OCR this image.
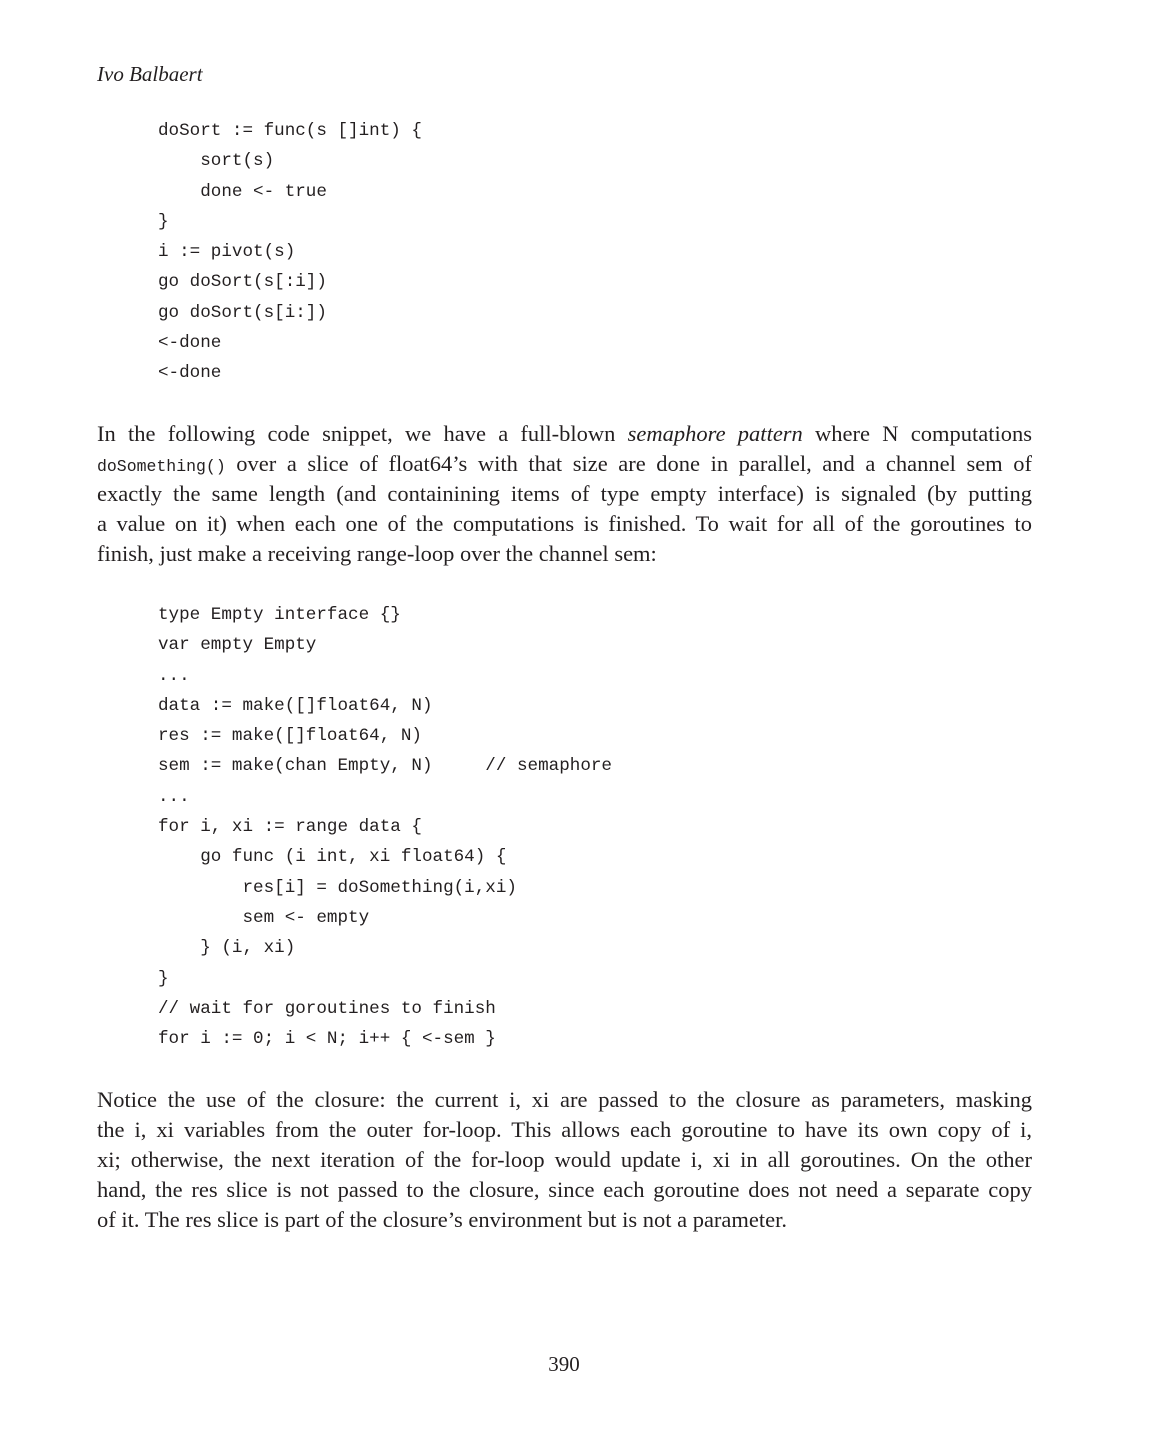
Ivo Balbaert
doSort := func(s []int) {
sort(s)
done <- true
}
i := pivot(s)
go doSort(s[:i])
go doSort(s[i:])
<-done
<-done
In the following code snippet, we have a full-blown semaphore pattern where N computations
doSomething() over a slice of float64’s with that size are done in parallel, and a channel sem of
exactly the same length (and containining items of type empty interface) is signaled (by putting
a value on it) when each one of the computations is finished. To wait for all of the goroutines to
finish, just make a receiving range-loop over the channel sem:
type Empty interface {}
var empty Empty
...
data := make([]float64, N)
res := make([]float64, N)
sem := make(chan Empty, N)     // semaphore
...
for i, xi := range data {
go func (i int, xi float64) {
res[i] = doSomething(i,xi)
sem <- empty
} (i, xi)
}
// wait for goroutines to finish
for i := 0; i < N; i++ { <-sem }
Notice the use of the closure: the current i, xi are passed to the closure as parameters, masking
the i, xi variables from the outer for-loop. This allows each goroutine to have its own copy of i,
xi; otherwise, the next iteration of the for-loop would update i, xi in all goroutines. On the other
hand, the res slice is not passed to the closure, since each goroutine does not need a separate copy
of it. The res slice is part of the closure’s environment but is not a parameter.
390
